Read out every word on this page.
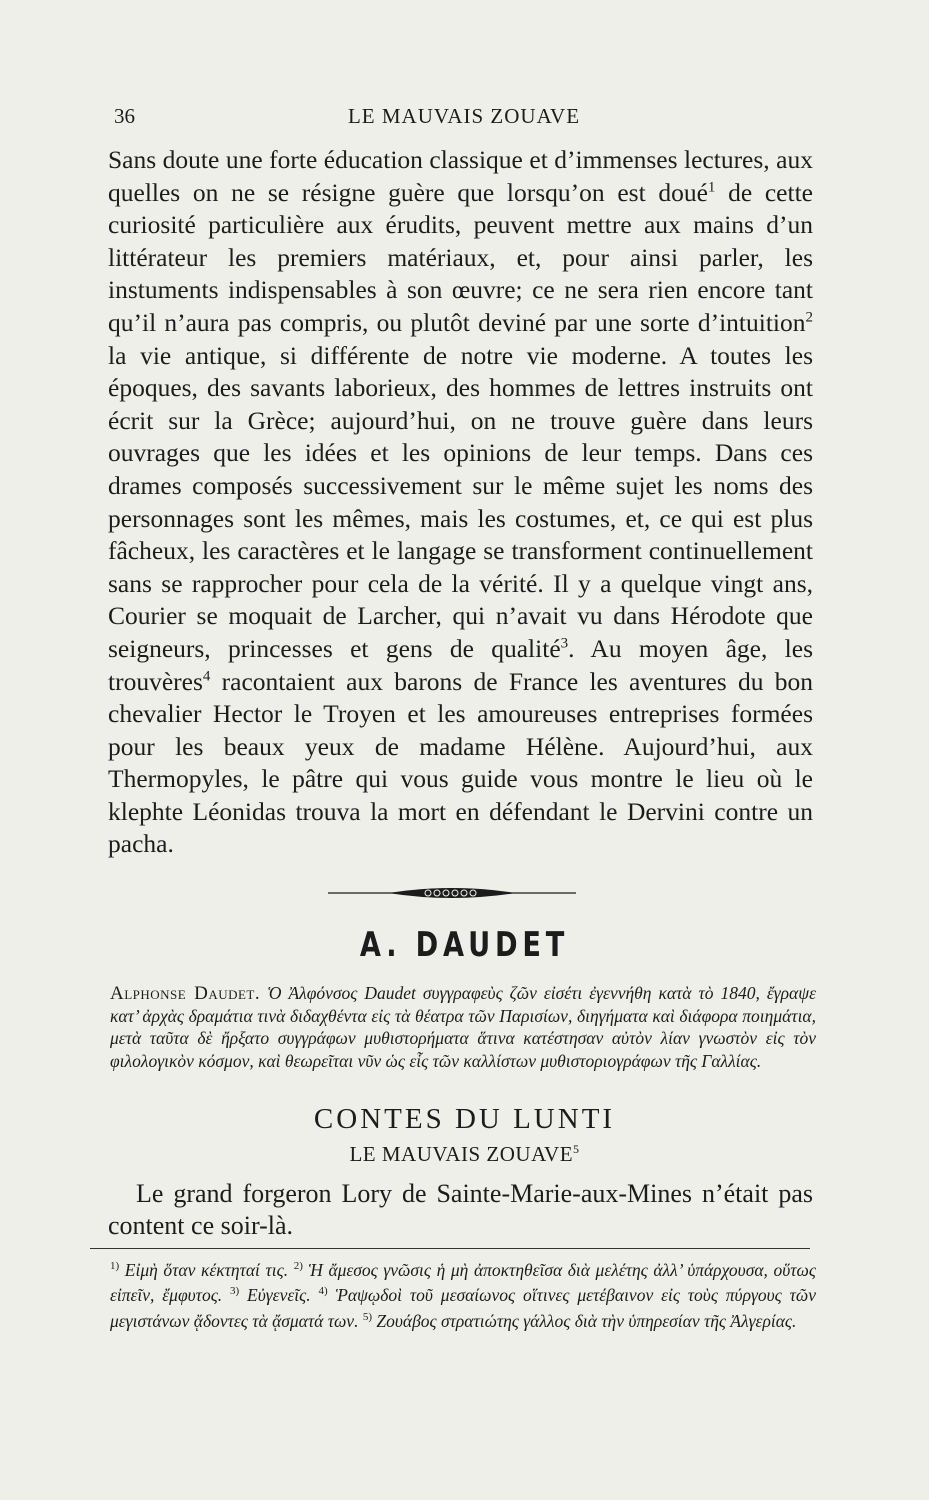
36	LE MAUVAIS ZOUAVE
Sans doute une forte éducation classique et d’immenses lectures, aux quelles on ne se résigne guère que lorsqu’on est doué$^1$ de cette curiosité particulière aux érudits, peuvent mettre aux mains d’un littérateur les premiers matériaux, et, pour ainsi parler, les instuments indispensables à son œuvre; ce ne sera rien encore tant qu’il n’aura pas compris, ou plutôt deviné par une sorte d’intuition$^2$ la vie antique, si différente de notre vie moderne. A toutes les époques, des savants laborieux, des hommes de lettres instruits ont écrit sur la Grèce; aujourd’hui, on ne trouve guère dans leurs ouvrages que les idées et les opinions de leur temps. Dans ces drames composés successivement sur le même sujet les noms des personnages sont les mêmes, mais les costumes, et, ce qui est plus fâcheux, les caractères et le langage se transforment continuellement sans se rapprocher pour cela de la vérité. Il y a quelque vingt ans, Courier se moquait de Larcher, qui n’avait vu dans Hérodote que seigneurs, princesses et gens de qualité$^3$. Au moyen âge, les trouvères$^4$ racontaient aux barons de France les aventures du bon chevalier Hector le Troyen et les amoureuses entreprises formées pour les beaux yeux de madame Hélène. Aujourd’hui, aux Thermopyles, le pâtre qui vous guide vous montre le lieu où le klephte Léonidas trouva la mort en défendant le Dervini contre un pacha.
A. DAUDET
Alphonse Daudet. Ὁ Ἀλφόνσος Daudet συγγραφεὺς ζῶν εἰσέτι ἐγεννήθη κατὰ τὸ 1840, ἔγραψε κατ’ ἀρχὰς δραμάτια τινὰ διδαχθέντα εἰς τὰ θέατρα τῶν Παρισίων, διηγήματα καὶ διάφορα ποιημάτια, μετὰ ταῦτα δὲ ἤρξατο συγγράφων μυθιστορήματα ἅτινα κατέστησαν αὐτὸν λίαν γνωστὸν εἰς τὸν φιλολογικὸν κόσμον, καὶ θεωρεῖται νῦν ὡς εἷς τῶν καλλίστων μυθιστοριογράφων τῆς Γαλλίας.
CONTES DU LUNTI
LE MAUVAIS ZOUAVE$^5$
Le grand forgeron Lory de Sainte-Marie-aux-Mines n’était pas content ce soir-là.
$^{1)}$ Εἰμὴ ὅταν κέκτηταί τις. $^{2)}$ Ἡ ἄμεσος γνῶσις ἡ μὴ ἀποκτηθεῖσα διὰ μελέτης ἀλλ’ ὑπάρχουσα, οὕτως εἰπεῖν, ἔμφυτος. $^{3)}$ Εὐγενεῖς. $^{4)}$ Ῥαψῳδοὶ τοῦ μεσαίωνος οἵτινες μετέβαινον εἰς τοὺς πύργους τῶν μεγιστάνων ᾄδοντες τὰ ᾄσματά των. $^{5)}$ Ζουάβος στρατιώτης γάλλος διὰ τὴν ὑπηρεσίαν τῆς Ἀλγερίας.
